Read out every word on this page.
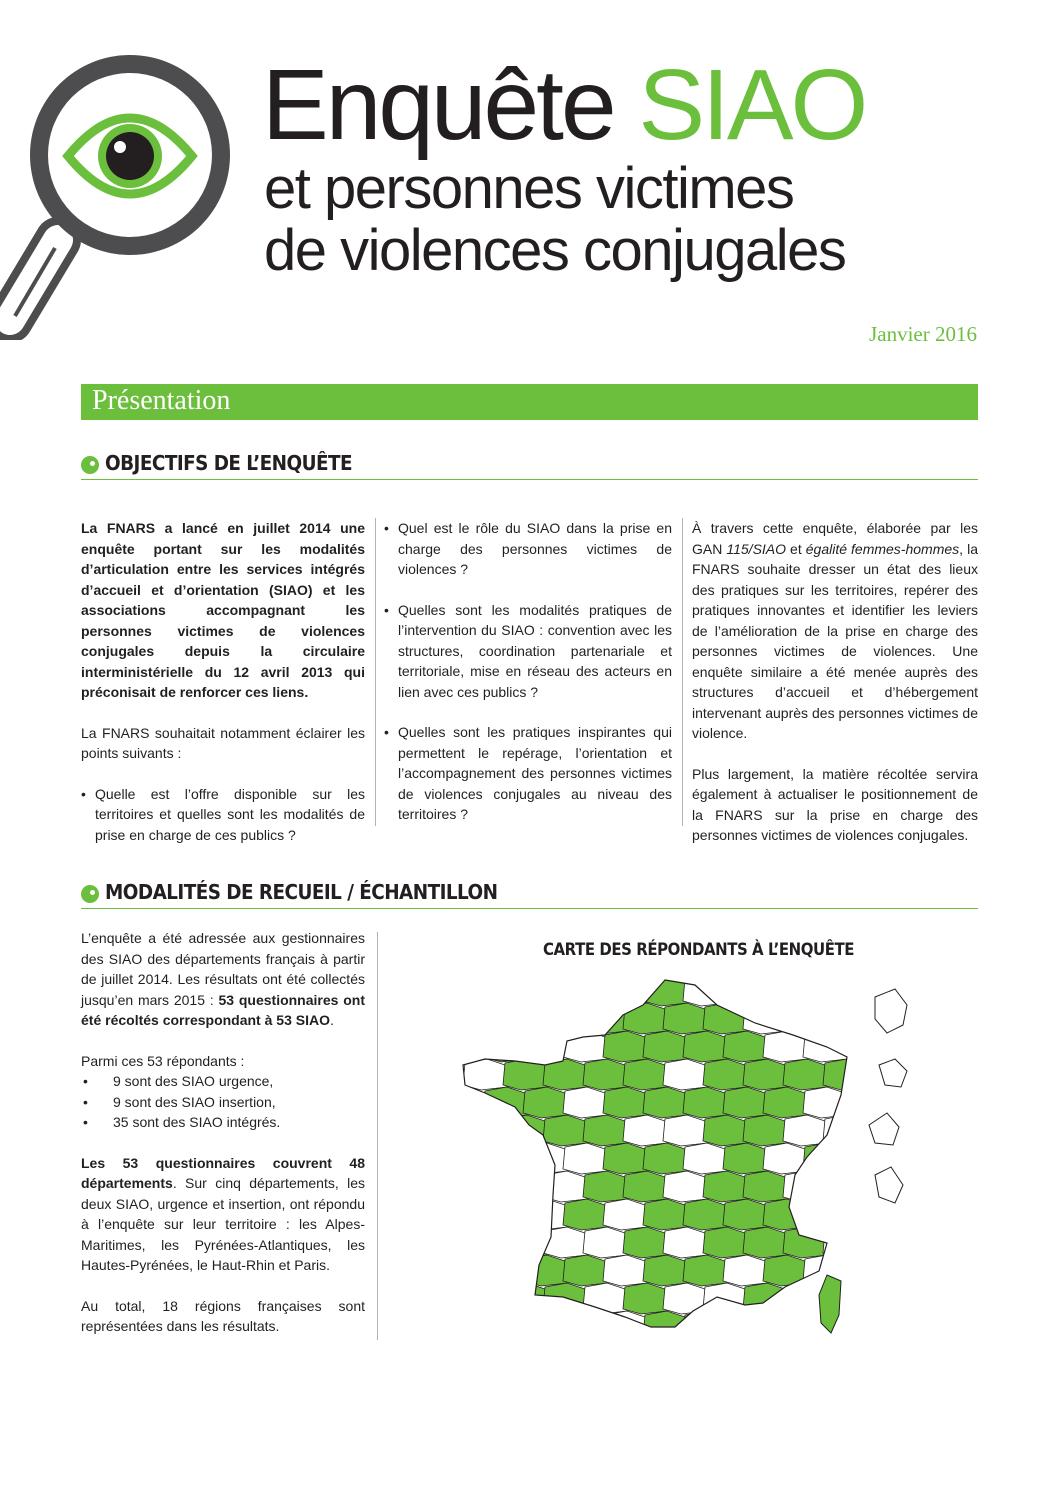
Enquête SIAO
et personnes victimes
de violences conjugales
Janvier 2016
Présentation
OBJECTIFS DE L’ENQUÊTE

La FNARS a lancé en juillet 2014 une enquête portant sur les modalités d’articulation entre les services intégrés d’accueil et d’orientation (SIAO) et les associations accompagnant les personnes victimes de violences conjugales depuis la circulaire interministérielle du 12 avril 2013 qui préconisait de renforcer ces liens.

La FNARS souhaitait notamment éclairer les points suivants :

• Quelle est l’offre disponible sur les territoires et quelles sont les modalités de prise en charge de ces publics ?
• Quel est le rôle du SIAO dans la prise en charge des personnes victimes de violences ?
• Quelles sont les modalités pratiques de l’intervention du SIAO : convention avec les structures, coordination partenariale et territoriale, mise en réseau des acteurs en lien avec ces publics ?
• Quelles sont les pratiques inspirantes qui permettent le repérage, l’orientation et l’accompagnement des personnes victimes de violences conjugales au niveau des territoires ?

À travers cette enquête, élaborée par les GAN 115/SIAO et égalité femmes-hommes, la FNARS souhaite dresser un état des lieux des pratiques sur les territoires, repérer des pratiques innovantes et identifier les leviers de l’amélioration de la prise en charge des personnes victimes de violences. Une enquête similaire a été menée auprès des structures d’accueil et d’hébergement intervenant auprès des personnes victimes de violence.

Plus largement, la matière récoltée servira également à actualiser le positionnement de la FNARS sur la prise en charge des personnes victimes de violences conjugales.

MODALITÉS DE RECUEIL / ÉCHANTILLON

L’enquête a été adressée aux gestionnaires des SIAO des départements français à partir de juillet 2014. Les résultats ont été collectés jusqu’en mars 2015 : 53 questionnaires ont été récoltés correspondant à 53 SIAO.

Parmi ces 53 répondants :

• 9 sont des SIAO urgence,
• 9 sont des SIAO insertion,
• 35 sont des SIAO intégrés.

Les 53 questionnaires couvrent 48 départements. Sur cinq départements, les deux SIAO, urgence et insertion, ont répondu à l’enquête sur leur territoire : les Alpes-Maritimes, les Pyrénées-Atlantiques, les Hautes-Pyrénées, le Haut-Rhin et Paris.

Au total, 18 régions françaises sont représentées dans les résultats.

CARTE DES RÉPONDANTS À L’ENQUÊTE
